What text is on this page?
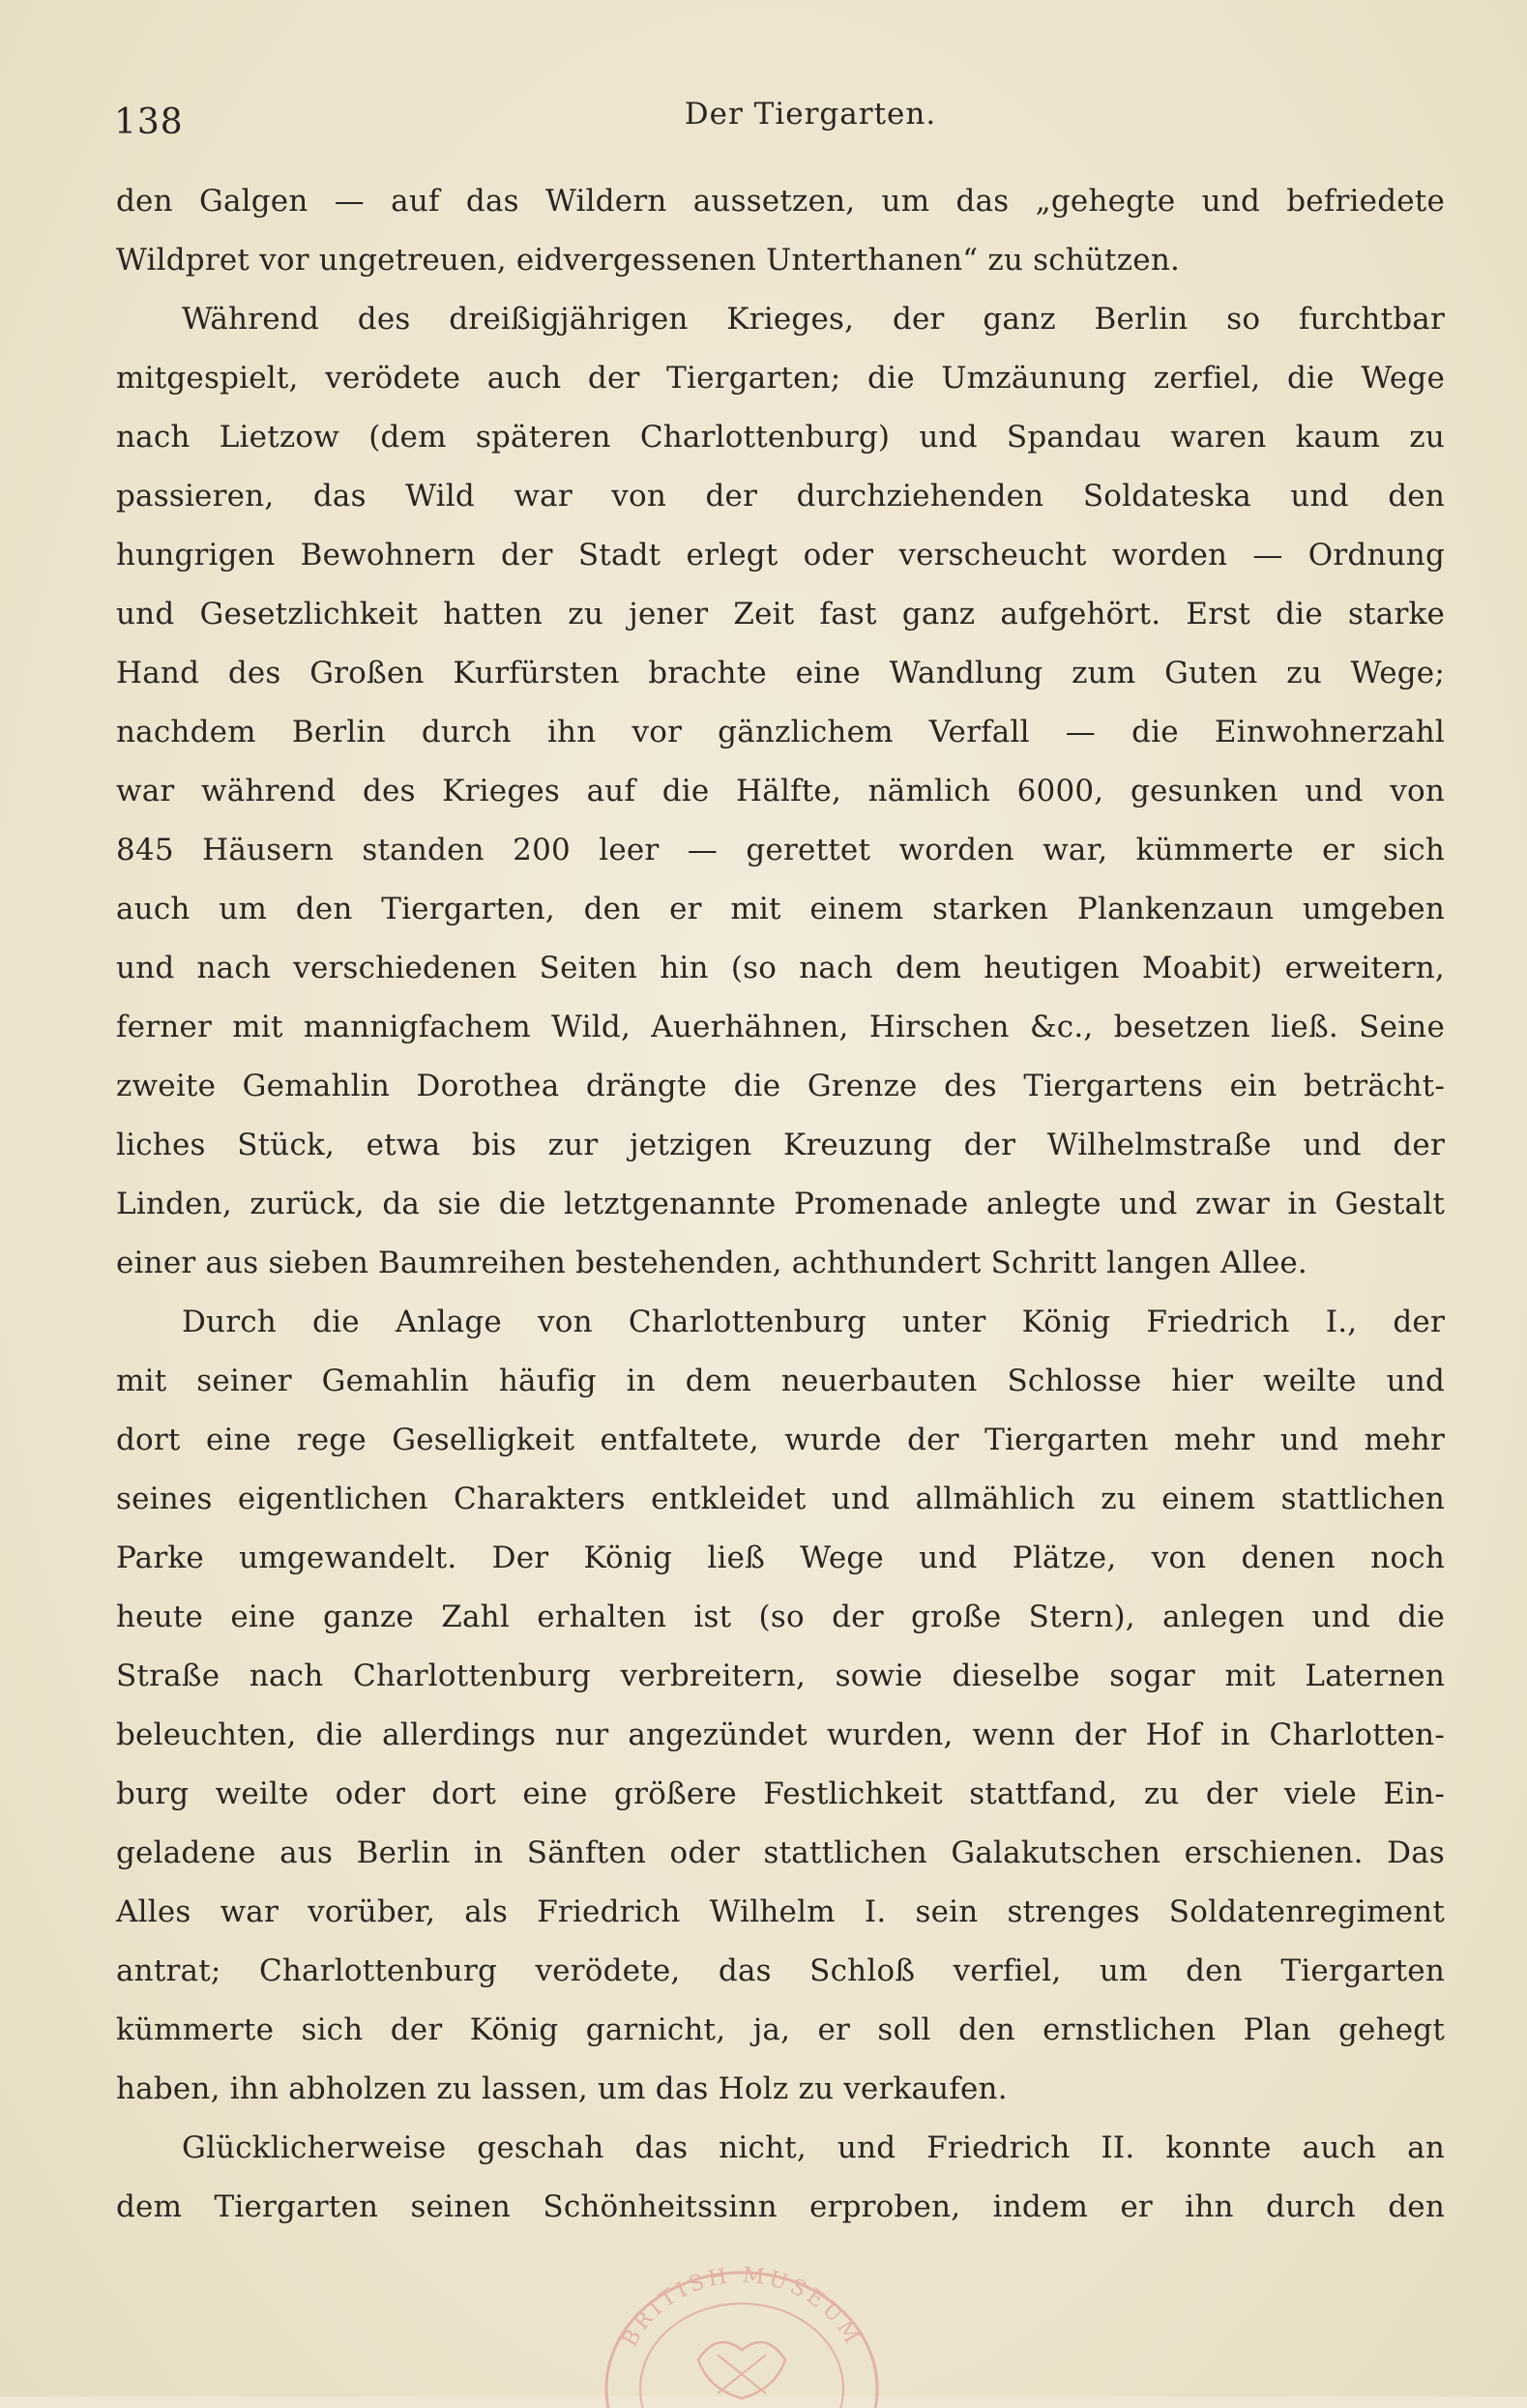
138	Der Tiergarten.
den Galgen — auf das Wildern aussetzen, um das „gehegte und befriedete
Wildpret vor ungetreuen, eidvergessenen Unterthanen“ zu schützen.
Während des dreißigjährigen Krieges, der ganz Berlin so furchtbar
mitgespielt, verödete auch der Tiergarten; die Umzäunung zerfiel, die Wege
nach Lietzow (dem späteren Charlottenburg) und Spandau waren kaum zu
passieren, das Wild war von der durchziehenden Soldateska und den
hungrigen Bewohnern der Stadt erlegt oder verscheucht worden — Ordnung
und Gesetzlichkeit hatten zu jener Zeit fast ganz aufgehört. Erst die starke
Hand des Großen Kurfürsten brachte eine Wandlung zum Guten zu Wege;
nachdem Berlin durch ihn vor gänzlichem Verfall — die Einwohnerzahl
war während des Krieges auf die Hälfte, nämlich 6000, gesunken und von
845 Häusern standen 200 leer — gerettet worden war, kümmerte er sich
auch um den Tiergarten, den er mit einem starken Plankenzaun umgeben
und nach verschiedenen Seiten hin (so nach dem heutigen Moabit) erweitern,
ferner mit mannigfachem Wild, Auerhähnen, Hirschen &c., besetzen ließ. Seine
zweite Gemahlin Dorothea drängte die Grenze des Tiergartens ein beträcht-
liches Stück, etwa bis zur jetzigen Kreuzung der Wilhelmstraße und der
Linden, zurück, da sie die letztgenannte Promenade anlegte und zwar in Gestalt
einer aus sieben Baumreihen bestehenden, achthundert Schritt langen Allee.
Durch die Anlage von Charlottenburg unter König Friedrich I., der
mit seiner Gemahlin häufig in dem neuerbauten Schlosse hier weilte und
dort eine rege Geselligkeit entfaltete, wurde der Tiergarten mehr und mehr
seines eigentlichen Charakters entkleidet und allmählich zu einem stattlichen
Parke umgewandelt. Der König ließ Wege und Plätze, von denen noch
heute eine ganze Zahl erhalten ist (so der große Stern), anlegen und die
Straße nach Charlottenburg verbreitern, sowie dieselbe sogar mit Laternen
beleuchten, die allerdings nur angezündet wurden, wenn der Hof in Charlotten-
burg weilte oder dort eine größere Festlichkeit stattfand, zu der viele Ein-
geladene aus Berlin in Sänften oder stattlichen Galakutschen erschienen. Das
Alles war vorüber, als Friedrich Wilhelm I. sein strenges Soldatenregiment
antrat; Charlottenburg verödete, das Schloß verfiel, um den Tiergarten
kümmerte sich der König garnicht, ja, er soll den ernstlichen Plan gehegt
haben, ihn abholzen zu lassen, um das Holz zu verkaufen.
Glücklicherweise geschah das nicht, und Friedrich II. konnte auch an
dem Tiergarten seinen Schönheitssinn erproben, indem er ihn durch den
BRITISH MUSEUM
